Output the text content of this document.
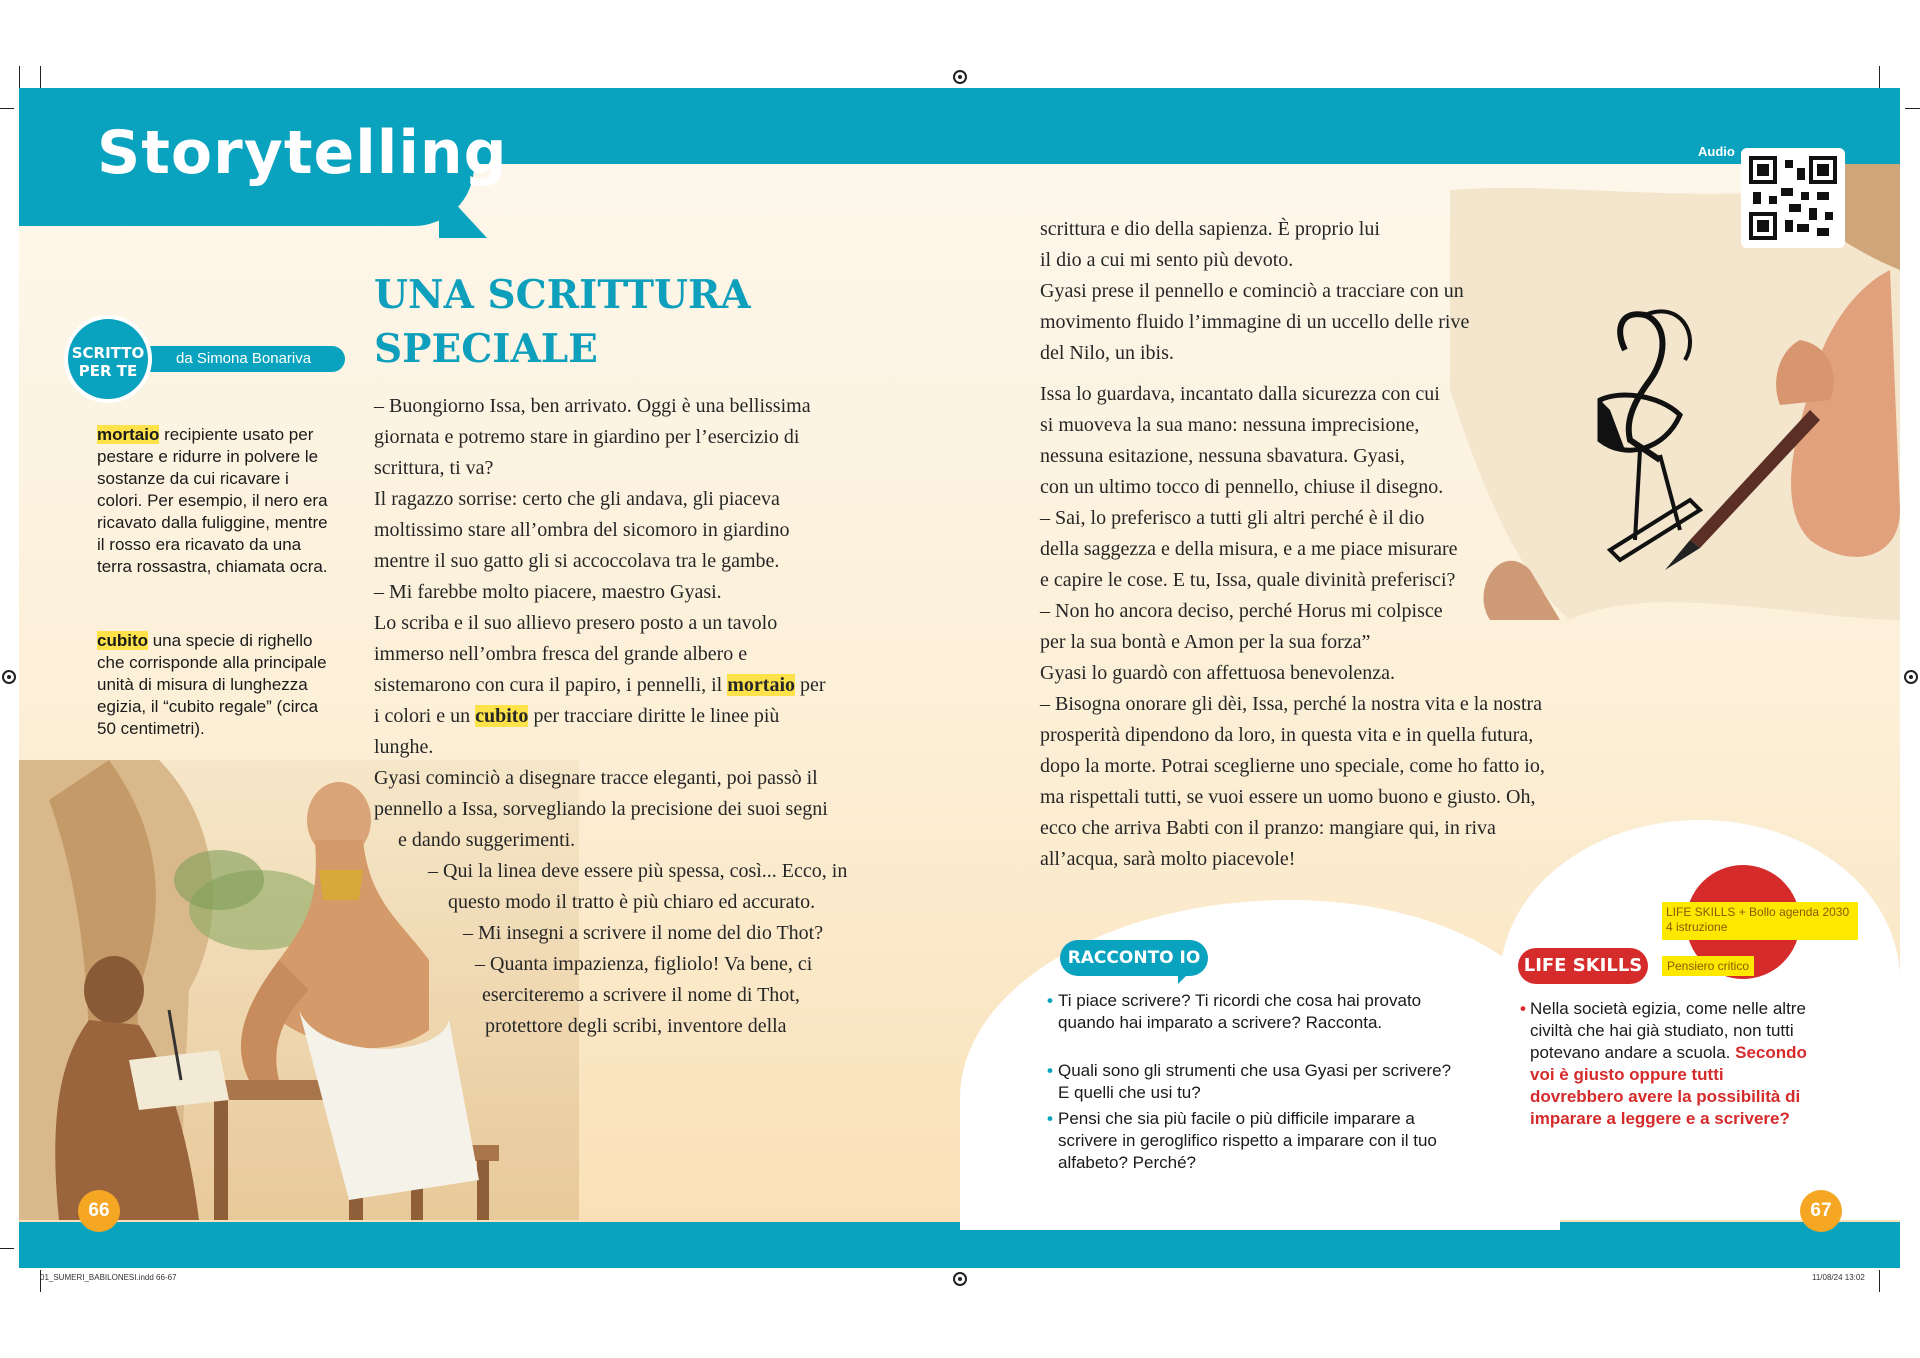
Storytelling	Audio
da Simona Bonariva
SCRITTO
PER TE
mortaio recipiente usato per pestare e ridurre in polvere le sostanze da cui ricavare i colori. Per esempio, il nero era ricavato dalla fuliggine, mentre il rosso era ricavato da una terra rossastra, chiamata ocra.
cubito una specie di righello che corrisponde alla principale unità di misura di lunghezza egizia, il “cubito regale” (circa 50 centimetri).
UNA SCRITTURA
SPECIALE
– Buongiorno Issa, ben arrivato. Oggi è una bellissima
giornata e potremo stare in giardino per l’esercizio di
scrittura, ti va?
Il ragazzo sorrise: certo che gli andava, gli piaceva
moltissimo stare all’ombra del sicomoro in giardino
mentre il suo gatto gli si accoccolava tra le gambe.
– Mi farebbe molto piacere, maestro Gyasi.
Lo scriba e il suo allievo presero posto a un tavolo
immerso nell’ombra fresca del grande albero e
sistemarono con cura il papiro, i pennelli, il mortaio per
i colori e un cubito per tracciare diritte le linee più
lunghe.
Gyasi cominciò a disegnare tracce eleganti, poi passò il
pennello a Issa, sorvegliando la precisione dei suoi segni
e dando suggerimenti.
– Qui la linea deve essere più spessa, così... Ecco, in
questo modo il tratto è più chiaro ed accurato.
– Mi insegni a scrivere il nome del dio Thot?
– Quanta impazienza, figliolo! Va bene, ci
eserciteremo a scrivere il nome di Thot,
protettore degli scribi, inventore della
scrittura e dio della sapienza. È proprio lui
il dio a cui mi sento più devoto.
Gyasi prese il pennello e cominciò a tracciare con un
movimento fluido l’immagine di un uccello delle rive
del Nilo, un ibis.
Issa lo guardava, incantato dalla sicurezza con cui
si muoveva la sua mano: nessuna imprecisione,
nessuna esitazione, nessuna sbavatura. Gyasi,
con un ultimo tocco di pennello, chiuse il disegno.
– Sai, lo preferisco a tutti gli altri perché è il dio
della saggezza e della misura, e a me piace misurare
e capire le cose. E tu, Issa, quale divinità preferisci?
– Non ho ancora deciso, perché Horus mi colpisce
per la sua bontà e Amon per la sua forza”
Gyasi lo guardò con affettuosa benevolenza.
– Bisogna onorare gli dèi, Issa, perché la nostra vita e la nostra
prosperità dipendono da loro, in questa vita e in quella futura,
dopo la morte. Potrai sceglierne uno speciale, come ho fatto io,
ma rispettali tutti, se vuoi essere un uomo buono e giusto. Oh,
ecco che arriva Babti con il pranzo: mangiare qui, in riva
all’acqua, sarà molto piacevole!
RACCONTO IO
• Ti piace scrivere? Ti ricordi che cosa hai provato quando hai imparato a scrivere? Racconta.
• Quali sono gli strumenti che usa Gyasi per scrivere? E quelli che usi tu?
• Pensi che sia più facile o più difficile imparare a scrivere in geroglifico rispetto a imparare con il tuo alfabeto? Perché?
LIFE SKILLS + Bollo agenda 2030 4 istruzione
LIFE SKILLS	Pensiero critico
• Nella società egizia, come nelle altre civiltà che hai già studiato, non tutti potevano andare a scuola. Secondo voi è giusto oppure tutti dovrebbero avere la possibilità di imparare a leggere e a scrivere?
66	67
01_SUMERI_BABILONESI.indd 66-67	11/08/24 13:02
